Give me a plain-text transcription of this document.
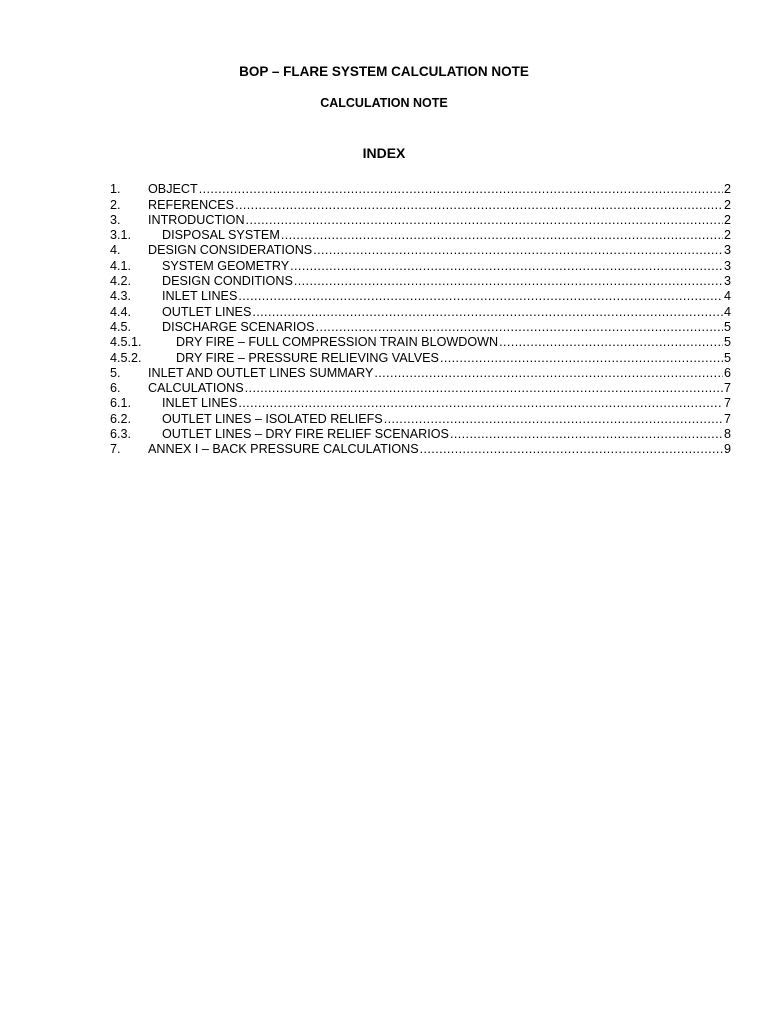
BOP – FLARE SYSTEM CALCULATION NOTE
CALCULATION NOTE
INDEX
1.	OBJECT .....	2
2.	REFERENCES .....	2
3.	INTRODUCTION .....	2
3.1.	DISPOSAL SYSTEM .....	2
4.	DESIGN CONSIDERATIONS .....	3
4.1.	SYSTEM GEOMETRY .....	3
4.2.	DESIGN CONDITIONS .....	3
4.3.	INLET LINES .....	4
4.4.	OUTLET LINES .....	4
4.5.	DISCHARGE SCENARIOS .....	5
4.5.1.	DRY FIRE – FULL COMPRESSION TRAIN BLOWDOWN .....	5
4.5.2.	DRY FIRE – PRESSURE RELIEVING VALVES .....	5
5.	INLET AND OUTLET LINES SUMMARY .....	6
6.	CALCULATIONS .....	7
6.1.	INLET LINES .....	7
6.2.	OUTLET LINES – ISOLATED RELIEFS .....	7
6.3.	OUTLET LINES – DRY FIRE RELIEF SCENARIOS .....	8
7.	ANNEX I – BACK PRESSURE CALCULATIONS .....	9
